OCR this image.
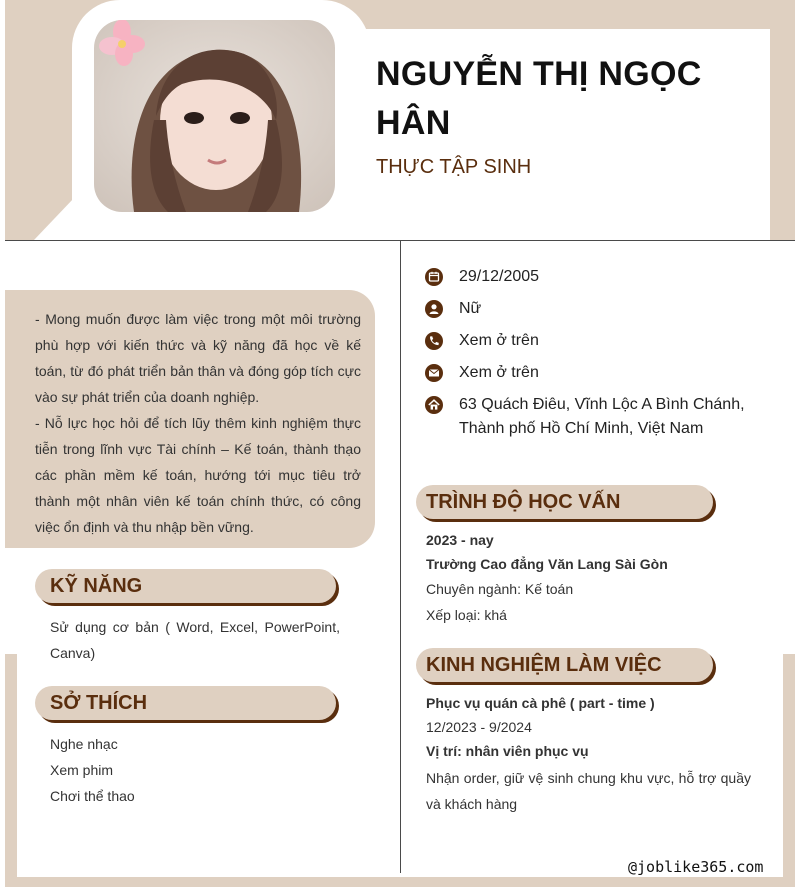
NGUYỄN THỊ NGỌC HÂN
THỰC TẬP SINH

- Mong muốn được làm việc trong một môi trường phù hợp với kiến thức và kỹ năng đã học về kế toán, từ đó phát triển bản thân và đóng góp tích cực vào sự phát triển của doanh nghiệp.

- Nỗ lực học hỏi để tích lũy thêm kinh nghiệm thực tiễn trong lĩnh vực Tài chính – Kế toán, thành thạo các phần mềm kế toán, hướng tới mục tiêu trở thành một nhân viên kế toán chính thức, có công việc ổn định và thu nhập bền vững.

KỸ NĂNG
Sử dụng cơ bản ( Word, Excel, PowerPoint, Canva)
SỞ THÍCH
Nghe nhạc
Xem phim
Chơi thể thao
29/12/2005
Nữ
Xem ở trên
Xem ở trên
63 Quách Điêu, Vĩnh Lộc A Bình Chánh,
Thành phố Hồ Chí Minh, Việt Nam
TRÌNH ĐỘ HỌC VẤN
2023 - nay
Trường Cao đẳng Văn Lang Sài Gòn
Chuyên ngành: Kế toán
Xếp loại: khá
KINH NGHIỆM LÀM VIỆC
Phục vụ quán cà phê ( part - time )
12/2023 - 9/2024
Vị trí: nhân viên phục vụ
Nhận order, giữ vệ sinh chung khu vực, hỗ trợ quầy và khách hàng
@joblike365.com
